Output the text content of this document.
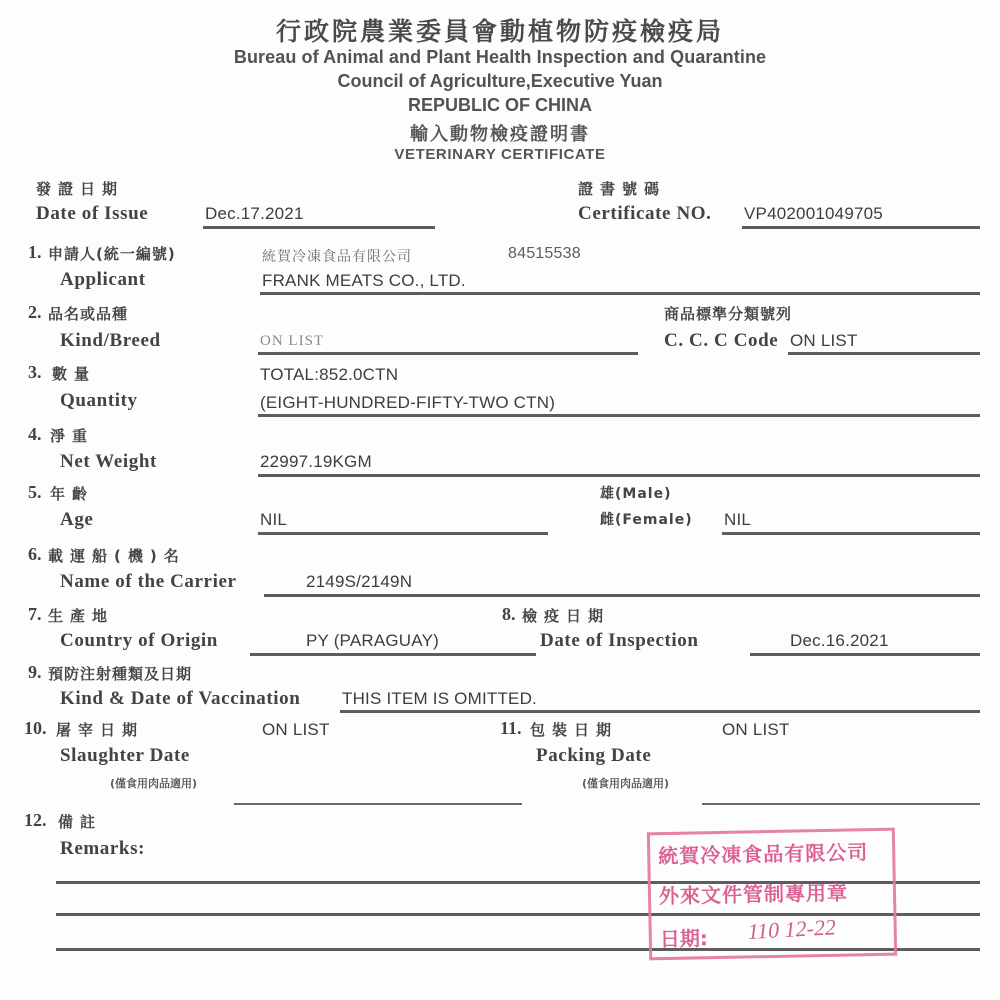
行政院農業委員會動植物防疫檢疫局
Bureau of Animal and Plant Health Inspection and Quarantine
Council of Agriculture,Executive Yuan
REPUBLIC OF CHINA
輸入動物檢疫證明書
VETERINARY CERTIFICATE
發證日期
Date of Issue	Dec.17.2021
證書號碼
Certificate NO. VP402001049705
1. 申請人(統一編號)
Applicant
統賀冷凍食品有限公司	84515538
FRANK MEATS CO., LTD.
2. 品名或品種
Kind/Breed	ON LIST
商品標準分類號列
C. C. C Code ON LIST
3. 數量
Quantity
TOTAL:852.0CTN
(EIGHT-HUNDRED-FIFTY-TWO CTN)
4. 淨重
Net Weight	22997.19KGM
5. 年齡
Age	NIL
雄(Male)
雌(Female) NIL
6. 載運船(機)名
Name of the Carrier	2149S/2149N
7. 生產地
Country of Origin	PY (PARAGUAY)
8. 檢疫日期
Date of Inspection	Dec.16.2021
9. 預防注射種類及日期
Kind & Date of Vaccination THIS ITEM IS OMITTED.
10. 屠宰日期	ON LIST
Slaughter Date
(僅食用肉品適用)
11. 包裝日期	ON LIST
Packing Date
(僅食用肉品適用)
12. 備註
Remarks:	統賀冷凍食品有限公司
外來文件管制專用章
日期:	110 12-22
